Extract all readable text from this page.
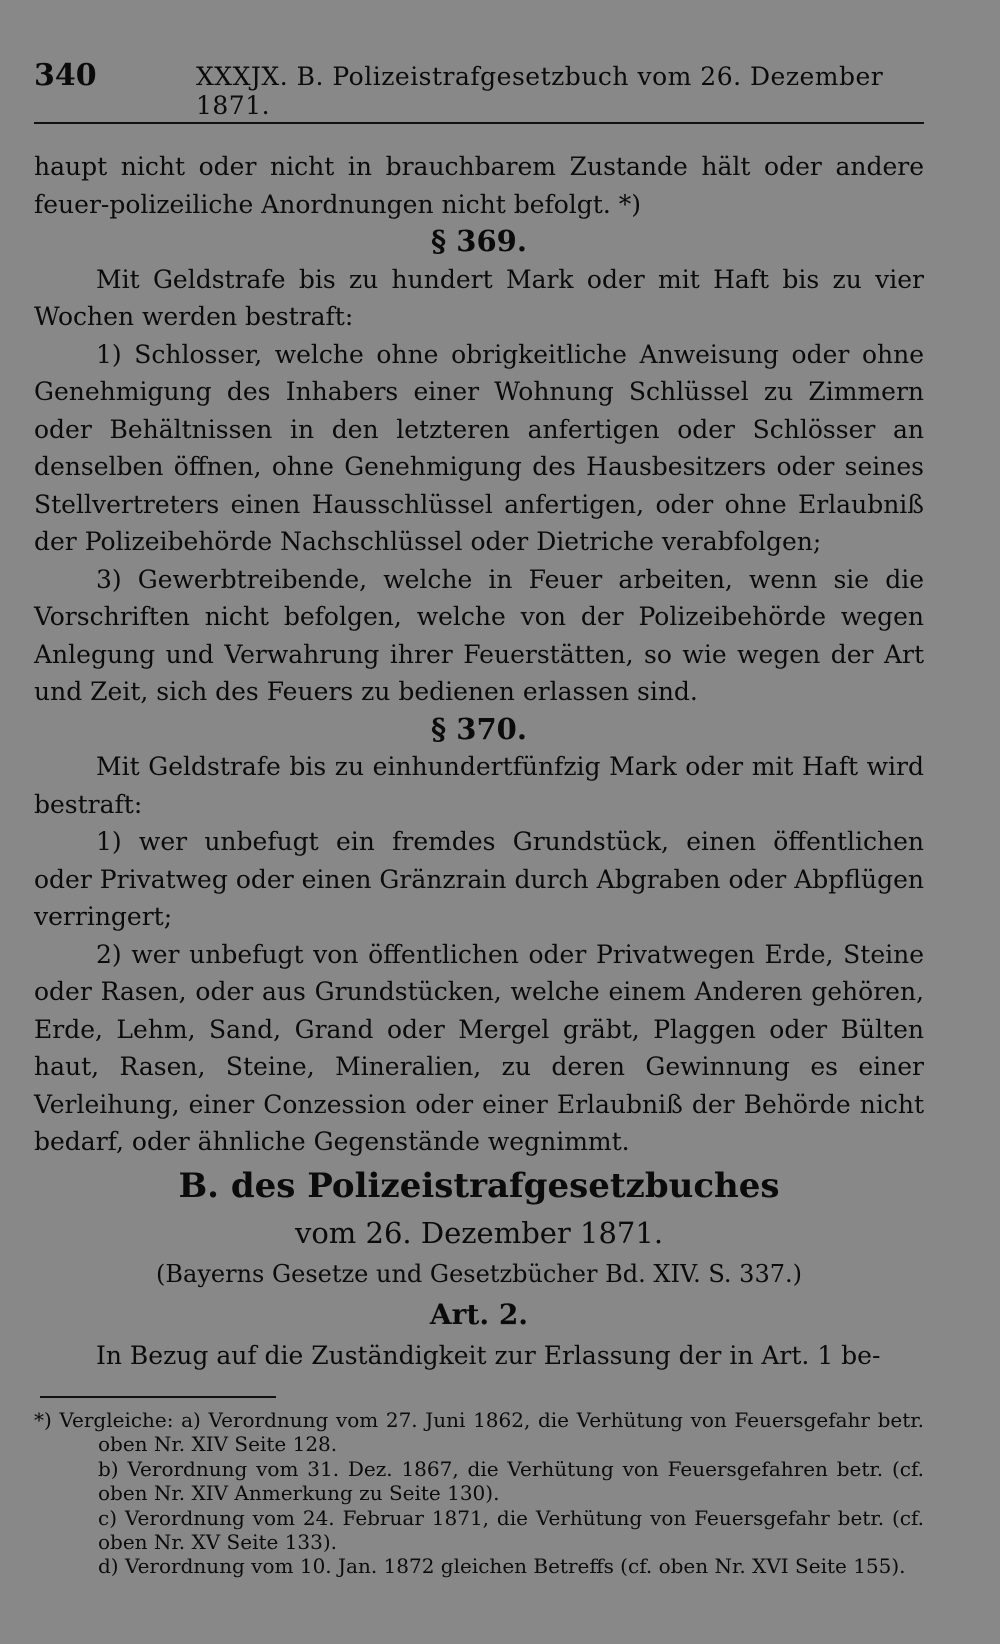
340	XXXJX. B. Polizeistrafgesetzbuch vom 26. Dezember 1871.

haupt nicht oder nicht in brauchbarem Zustande hält oder andere feuer-polizeiliche Anordnungen nicht befolgt. *)

§ 369.

Mit Geldstrafe bis zu hundert Mark oder mit Haft bis zu vier Wochen werden bestraft:

1) Schlosser, welche ohne obrigkeitliche Anweisung oder ohne Genehmigung des Inhabers einer Wohnung Schlüssel zu Zimmern oder Behältnissen in den letzteren anfertigen oder Schlösser an denselben öffnen, ohne Genehmigung des Hausbesitzers oder seines Stellvertreters einen Hausschlüssel anfertigen, oder ohne Erlaubniß der Polizeibehörde Nachschlüssel oder Dietriche verabfolgen;

3) Gewerbtreibende, welche in Feuer arbeiten, wenn sie die Vorschriften nicht befolgen, welche von der Polizeibehörde wegen Anlegung und Verwahrung ihrer Feuerstätten, so wie wegen der Art und Zeit, sich des Feuers zu bedienen erlassen sind.

§ 370.

Mit Geldstrafe bis zu einhundertfünfzig Mark oder mit Haft wird bestraft:

1) wer unbefugt ein fremdes Grundstück, einen öffentlichen oder Privatweg oder einen Gränzrain durch Abgraben oder Abpflügen verringert;

2) wer unbefugt von öffentlichen oder Privatwegen Erde, Steine oder Rasen, oder aus Grundstücken, welche einem Anderen gehören, Erde, Lehm, Sand, Grand oder Mergel gräbt, Plaggen oder Bülten haut, Rasen, Steine, Mineralien, zu deren Gewinnung es einer Verleihung, einer Conzession oder einer Erlaubniß der Behörde nicht bedarf, oder ähnliche Gegenstände wegnimmt.

B. des Polizeistrafgesetzbuches

vom 26. Dezember 1871.

(Bayerns Gesetze und Gesetzbücher Bd. XIV. S. 337.)

Art. 2.

In Bezug auf die Zuständigkeit zur Erlassung der in Art. 1 be-

*) Vergleiche: a) Verordnung vom 27. Juni 1862, die Verhütung von Feuersgefahr betr. oben Nr. XIV Seite 128.

b) Verordnung vom 31. Dez. 1867, die Verhütung von Feuersgefahren betr. (cf. oben Nr. XIV Anmerkung zu Seite 130).

c) Verordnung vom 24. Februar 1871, die Verhütung von Feuersgefahr betr. (cf. oben Nr. XV Seite 133).

d) Verordnung vom 10. Jan. 1872 gleichen Betreffs (cf. oben Nr. XVI Seite 155).
